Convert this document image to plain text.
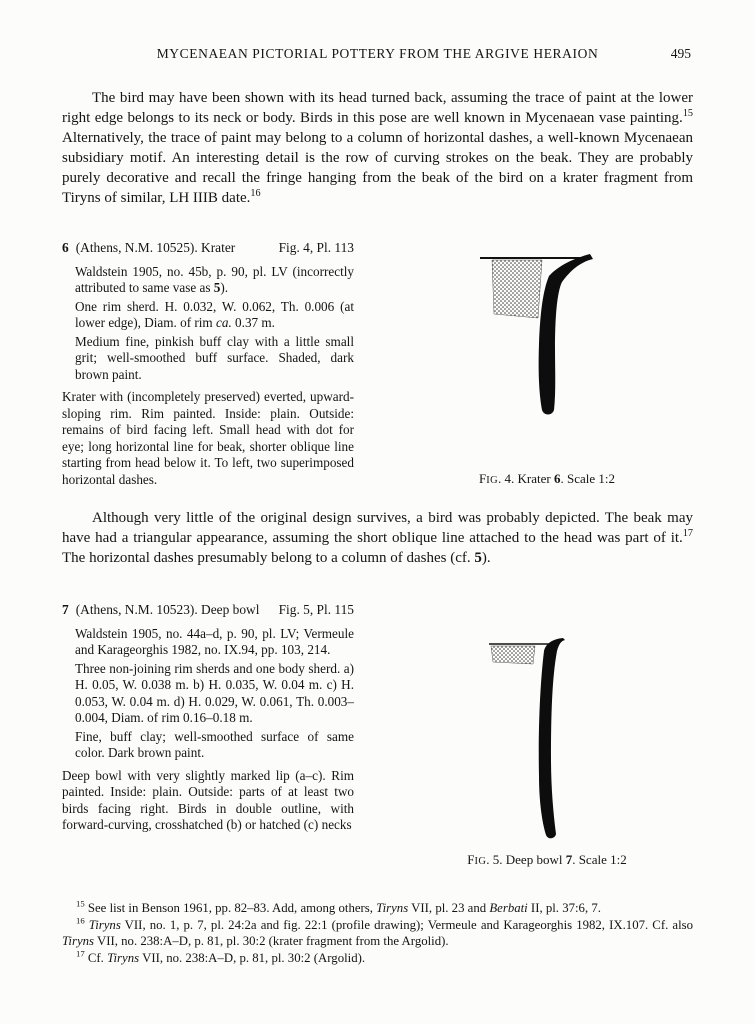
MYCENAEAN PICTORIAL POTTERY FROM THE ARGIVE HERAION	495

The bird may have been shown with its head turned back, assuming the trace of paint at the lower right edge belongs to its neck or body. Birds in this pose are well known in Mycenaean vase painting.$^{15}$ Alternatively, the trace of paint may belong to a column of horizontal dashes, a well-known Mycenaean subsidiary motif. An interesting detail is the row of curving strokes on the beak. They are probably purely decorative and recall the fringe hanging from the beak of the bird on a krater fragment from Tiryns of similar, LH IIIB date.$^{16}$

6 (Athens, N.M. 10525). Krater	Fig. 4, Pl. 113

Waldstein 1905, no. 45b, p. 90, pl. LV (incorrectly attributed to same vase as 5).

One rim sherd. H. 0.032, W. 0.062, Th. 0.006 (at lower edge), Diam. of rim ca. 0.37 m.

Medium fine, pinkish buff clay with a little small grit; well-smoothed buff surface. Shaded, dark brown paint.

Krater with (incompletely preserved) everted, upward-sloping rim. Rim painted. Inside: plain. Outside: remains of bird facing left. Small head with dot for eye; long horizontal line for beak, shorter oblique line starting from head below it. To left, two superimposed horizontal dashes.	FIG. 4. Krater 6. Scale 1:2

Although very little of the original design survives, a bird was probably depicted. The beak may have had a triangular appearance, assuming the short oblique line attached to the head was part of it.$^{17}$ The horizontal dashes presumably belong to a column of dashes (cf. 5).

7 (Athens, N.M. 10523). Deep bowl	Fig. 5, Pl. 115

Waldstein 1905, no. 44a–d, p. 90, pl. LV; Vermeule and Karageorghis 1982, no. IX.94, pp. 103, 214.

Three non-joining rim sherds and one body sherd. a) H. 0.05, W. 0.038 m. b) H. 0.035, W. 0.04 m. c) H. 0.053, W. 0.04 m. d) H. 0.029, W. 0.061, Th. 0.003–0.004, Diam. of rim 0.16–0.18 m.

Fine, buff clay; well-smoothed surface of same color. Dark brown paint.

Deep bowl with very slightly marked lip (a–c). Rim painted. Inside: plain. Outside: parts of at least two birds facing right. Birds in double outline, with forward-curving, crosshatched (b) or hatched (c) necks

FIG. 5. Deep bowl 7. Scale 1:2

$^{15}$ See list in Benson 1961, pp. 82–83. Add, among others, Tiryns VII, pl. 23 and Berbati II, pl. 37:6, 7.

$^{16}$ Tiryns VII, no. 1, p. 7, pl. 24:2a and fig. 22:1 (profile drawing); Vermeule and Karageorghis 1982, IX.107. Cf. also Tiryns VII, no. 238:A–D, p. 81, pl. 30:2 (krater fragment from the Argolid).

$^{17}$ Cf. Tiryns VII, no. 238:A–D, p. 81, pl. 30:2 (Argolid).
